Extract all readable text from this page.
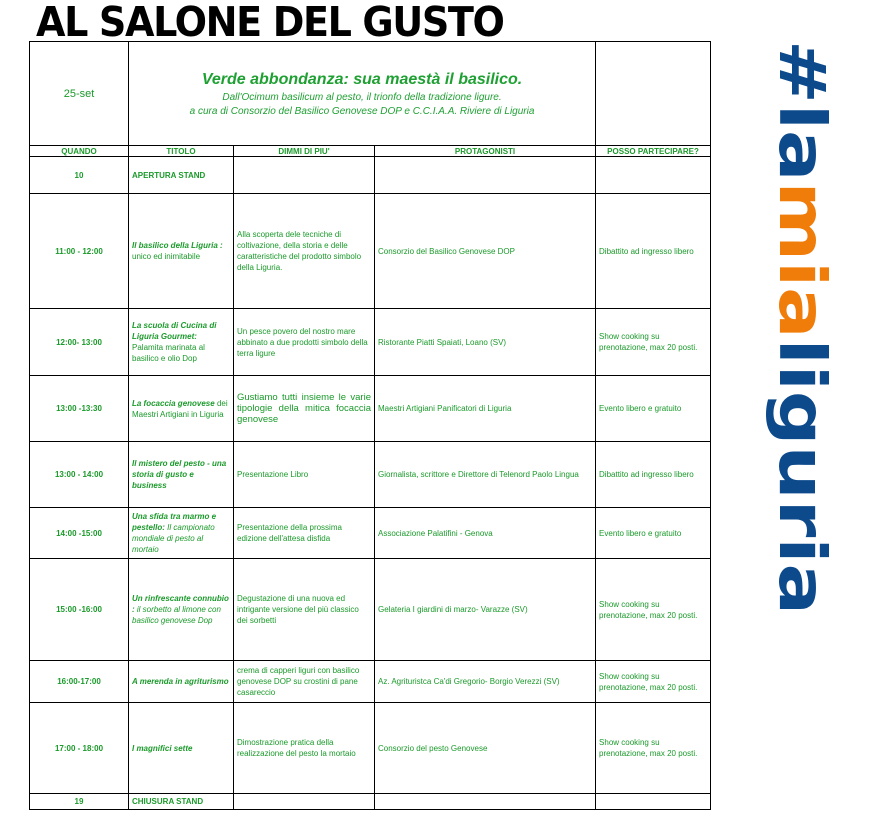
AL SALONE DEL GUSTO
25-set	Verde abbondanza: sua maestà il basilico.
Dall'Ocimum basilicum al pesto, il trionfo della tradizione ligure.
a cura di Consorzio del Basilico Genovese DOP e C.C.I.A.A. Riviere di Liguria			

QUANDO	TITOLO	DIMMI DI PIU'	PROTAGONISTI	POSSO PARTECIPARE?
10	APERTURA STAND			
11:00 - 12:00	Il basilico della Liguria : unico ed inimitabile	Alla scoperta dele tecniche di coltivazione, della storia e delle caratteristiche del prodotto simbolo della Liguria.	Consorzio del Basilico Genovese DOP	Dibattito ad ingresso libero
12:00- 13:00	La scuola di Cucina di Liguria Gourmet: Palamita marinata al basilico e olio Dop	Un pesce povero del nostro mare abbinato a due prodotti simbolo della terra ligure	Ristorante Piatti Spaiati, Loano (SV)	Show cooking su prenotazione, max 20 posti.
13:00 -13:30	La focaccia genovese dei Maestri Artigiani in Liguria	Gustiamo tutti insieme le varie tipologie della mitica focaccia genovese	Maestri Artigiani Panificatori di Liguria	Evento libero e gratuito
13:00 - 14:00	Il mistero del pesto - una storia di gusto e business	Presentazione Libro	Giornalista, scrittore e Direttore di Telenord Paolo Lingua	Dibattito ad ingresso libero
14:00 -15:00	Una sfida tra marmo e pestello: Il campionato mondiale di pesto al mortaio	Presentazione della prossima edizione dell'attesa disfida	Associazione Palatifini - Genova	Evento libero e gratuito
15:00 -16:00	Un rinfrescante connubio : il sorbetto al limone con basilico genovese Dop	Degustazione di una nuova ed intrigante versione del più classico dei sorbetti	Gelateria I giardini di marzo- Varazze (SV)	Show cooking su prenotazione, max 20 posti.
16:00-17:00	A merenda in agriturismo	crema di capperi liguri con basilico genovese DOP su crostini di pane casareccio	Az. Agrituristca Ca'di Gregorio- Borgio Verezzi (SV)	Show cooking su prenotazione, max 20 posti.
17:00 - 18:00	I magnifici sette	Dimostrazione pratica della realizzazione del pesto la mortaio	Consorzio del pesto Genovese	Show cooking su prenotazione, max 20 posti.
19	CHIUSURA STAND			
#lamialiguria
